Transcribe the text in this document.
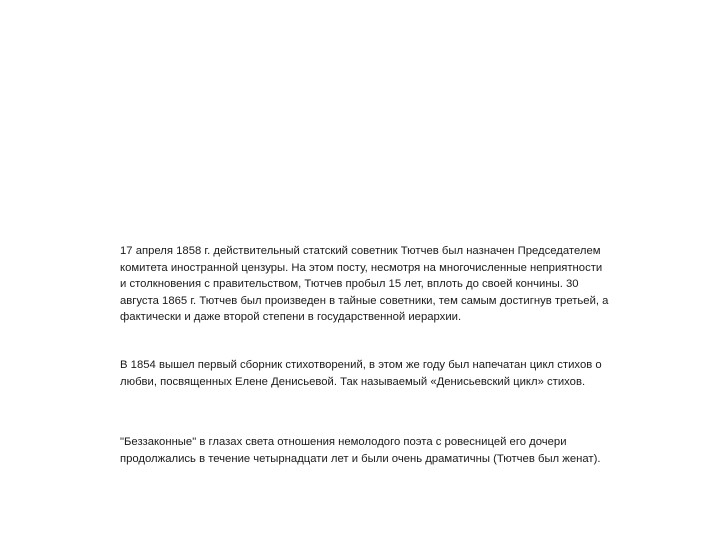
17 апреля 1858 г. действительный статский советник Тютчев был назначен Председателем комитета иностранной цензуры. На этом посту, несмотря на многочисленные неприятности и столкновения с правительством, Тютчев пробыл 15 лет, вплоть до своей кончины. 30 августа 1865 г. Тютчев был произведен в тайные советники, тем самым достигнув третьей, а фактически и даже второй степени в государственной иерархии.

В 1854 вышел первый сборник стихотворений, в этом же году был напечатан цикл стихов о любви, посвященных Елене Денисьевой. Так называемый «Денисьевский цикл» стихов.

"Беззаконные" в глазах света отношения немолодого поэта с ровесницей его дочери продолжались в течение четырнадцати лет и были очень драматичны (Тютчев был женат).
